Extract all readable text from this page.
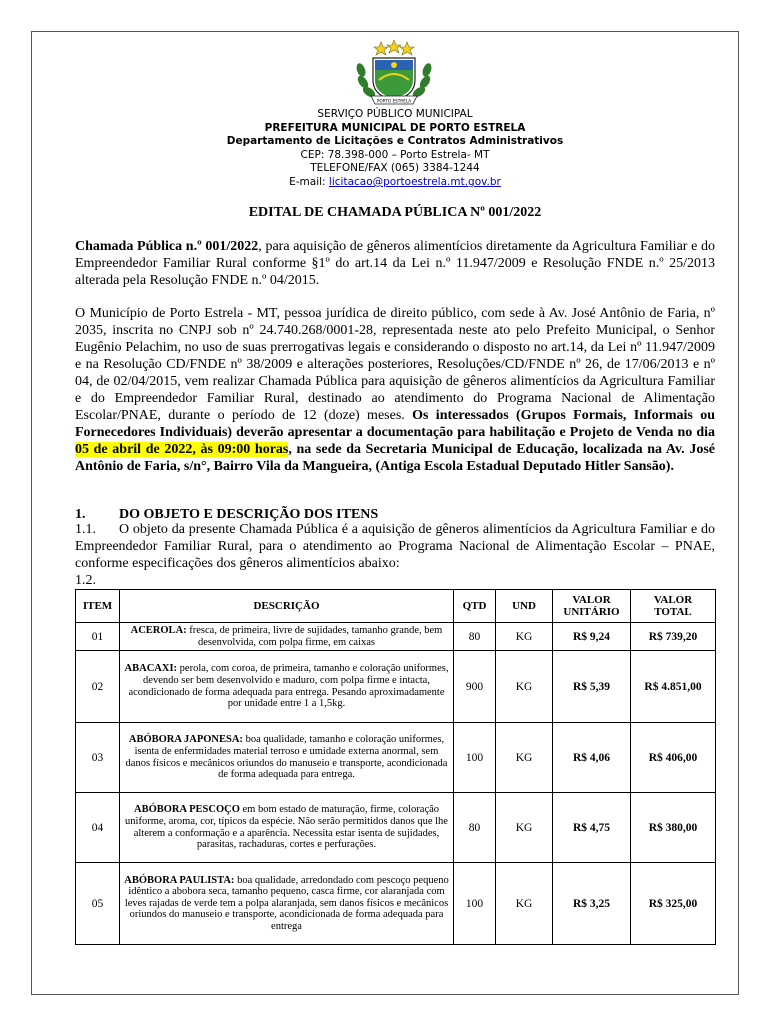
PORTO ESTRELA
SERVIÇO PÚBLICO MUNICIPAL
PREFEITURA MUNICIPAL DE PORTO ESTRELA
Departamento de Licitações e Contratos Administrativos
CEP: 78.398-000 – Porto Estrela- MT
TELEFONE/FAX (065) 3384-1244
E-mail: licitacao@portoestrela.mt.gov.br
EDITAL DE CHAMADA PÚBLICA Nº 001/2022
Chamada Pública n.º 001/2022, para aquisição de gêneros alimentícios diretamente da Agricultura Familiar e do Empreendedor Familiar Rural conforme §1º do art.14 da Lei n.º 11.947/2009 e Resolução FNDE n.º 25/2013 alterada pela Resolução FNDE n.º 04/2015.
O Município de Porto Estrela - MT, pessoa jurídica de direito público, com sede à Av. José Antônio de Faria, nº 2035, inscrita no CNPJ sob nº 24.740.268/0001-28, representada neste ato pelo Prefeito Municipal, o Senhor Eugênio Pelachim, no uso de suas prerrogativas legais e considerando o disposto no art.14, da Lei nº 11.947/2009 e na Resolução CD/FNDE nº 38/2009 e alterações posteriores, Resoluções/CD/FNDE nº 26, de 17/06/2013 e nº 04, de 02/04/2015, vem realizar Chamada Pública para aquisição de gêneros alimentícios da Agricultura Familiar e do Empreendedor Familiar Rural, destinado ao atendimento do Programa Nacional de Alimentação Escolar/PNAE, durante o período de 12 (doze) meses. Os interessados (Grupos Formais, Informais ou Fornecedores Individuais) deverão apresentar a documentação para habilitação e Projeto de Venda no dia 05 de abril de 2022, às 09:00 horas, na sede da Secretaria Municipal de Educação, localizada na Av. José Antônio de Faria, s/n°, Bairro Vila da Mangueira, (Antiga Escola Estadual Deputado Hitler Sansão).
1. DO OBJETO E DESCRIÇÃO DOS ITENS
1.1. O objeto da presente Chamada Pública é a aquisição de gêneros alimentícios da Agricultura Familiar e do Empreendedor Familiar Rural, para o atendimento ao Programa Nacional de Alimentação Escolar – PNAE, conforme especificações dos gêneros alimentícios abaixo:
1.2.
ITEM	DESCRIÇÃO	QTD	UND	VALOR UNITÁRIO	VALOR TOTAL
01	ACEROLA: fresca, de primeira, livre de sujidades, tamanho grande, bem desenvolvida, com polpa firme, em caixas	80	KG	R$ 9,24	R$ 739,20
02	ABACAXI: perola, com coroa, de primeira, tamanho e coloração uniformes, devendo ser bem desenvolvido e maduro, com polpa firme e intacta, acondicionado de forma adequada para entrega. Pesando aproximadamente por unidade entre 1 a 1,5kg.	900	KG	R$ 5,39	R$ 4.851,00
03	ABÓBORA JAPONESA: boa qualidade, tamanho e coloração uniformes, isenta de enfermidades material terroso e umidade externa anormal, sem danos físicos e mecânicos oriundos do manuseio e transporte, acondicionada de forma adequada para entrega.	100	KG	R$ 4,06	R$ 406,00
04	ABÓBORA PESCOÇO em bom estado de maturação, firme, coloração uniforme, aroma, cor, típicos da espécie. Não serão permitidos danos que lhe alterem a conformação e a aparência. Necessita estar isenta de sujidades, parasitas, rachaduras, cortes e perfurações.	80	KG	R$ 4,75	R$ 380,00
05	ABÓBORA PAULISTA: boa qualidade, arredondado com pescoço pequeno idêntico a abobora seca, tamanho pequeno, casca firme, cor alaranjada com leves rajadas de verde tem a polpa alaranjada, sem danos físicos e mecânicos oriundos do manuseio e transporte, acondicionada de forma adequada para entrega	100	KG	R$ 3,25	R$ 325,00
